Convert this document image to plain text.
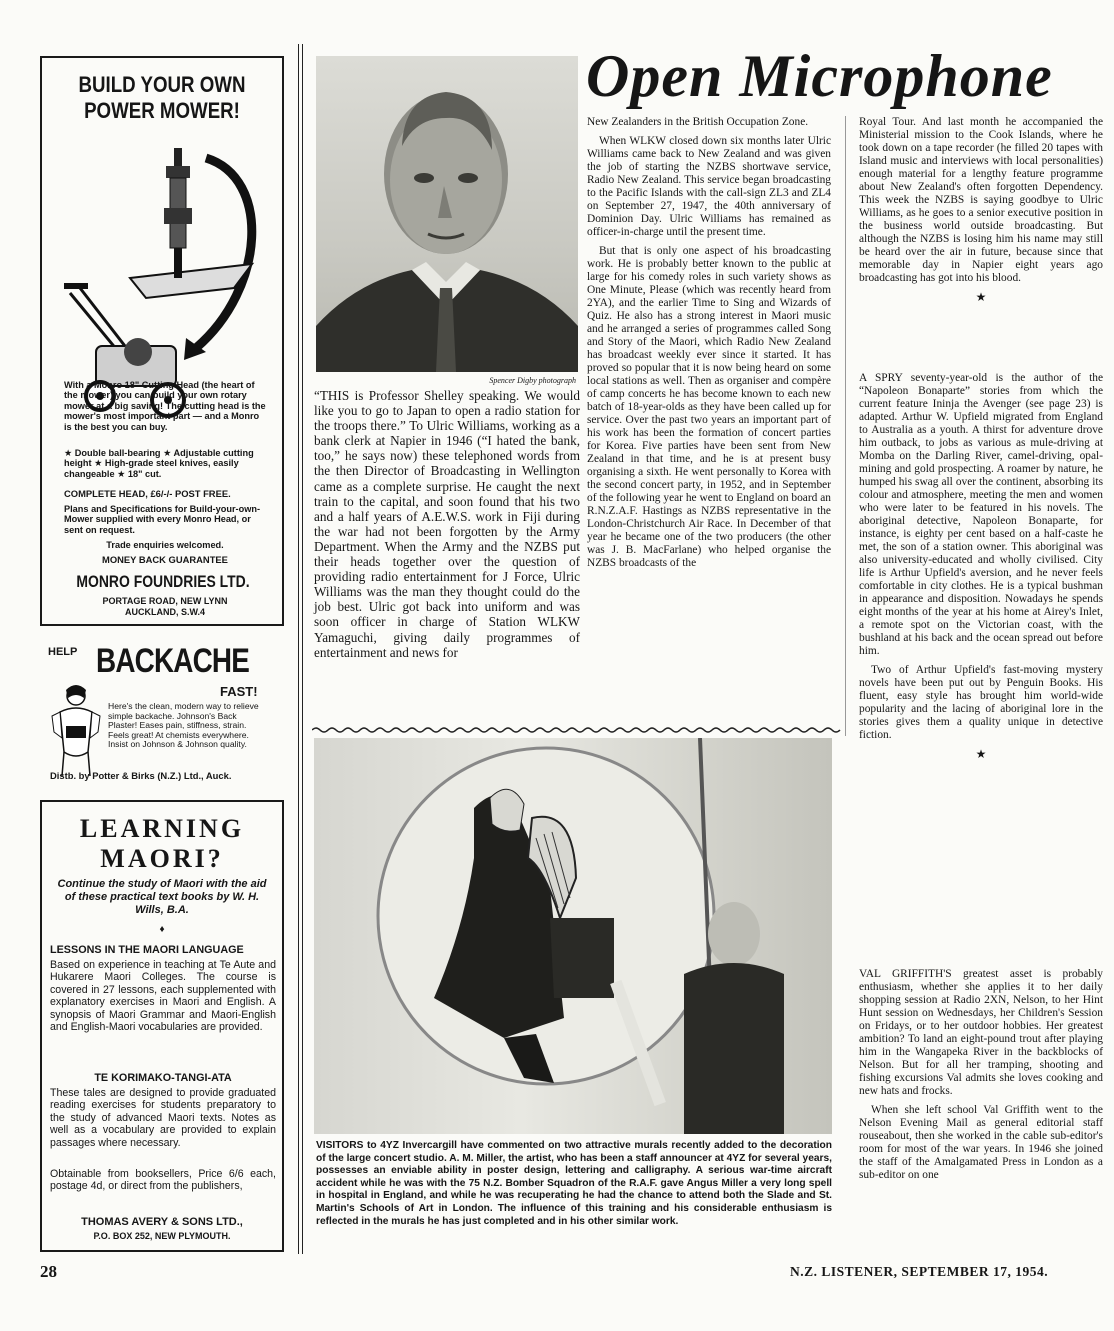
BUILD YOUR OWN POWER MOWER!
With a Monro 18" Cutting Head (the heart of the mower) you can build your own rotary mower at a big saving! The cutting head is the mower's most important part — and a Monro is the best you can buy.
★ Double ball-bearing ★ Adjustable cutting height ★ High-grade steel knives, easily changeable ★ 18" cut.
COMPLETE HEAD, £6/-/- POST FREE.
Plans and Specifications for Build-your-own-Mower supplied with every Monro Head, or sent on request.
Trade enquiries welcomed.
MONEY BACK GUARANTEE
MONRO FOUNDRIES LTD.
PORTAGE ROAD, NEW LYNN
AUCKLAND, S.W.4
HELP BACKACHE
FAST!
Here's the clean, modern way to relieve simple backache. Johnson's Back Plaster! Eases pain, stiffness, strain. Feels great! At chemists everywhere. Insist on Johnson & Johnson quality.
Distb. by Potter & Birks (N.Z.) Ltd., Auck.
LEARNING
MAORI?
Continue the study of Maori with the aid of these practical text books by W. H. Wills, B.A.
♦
LESSONS IN THE MAORI LANGUAGE
Based on experience in teaching at Te Aute and Hukarere Maori Colleges. The course is covered in 27 lessons, each supplemented with explanatory exercises in Maori and English. A synopsis of Maori Grammar and Maori-English and English-Maori vocabularies are provided.
TE KORIMAKO-TANGI-ATA
These tales are designed to provide graduated reading exercises for students preparatory to the study of advanced Maori texts. Notes as well as a vocabulary are provided to explain passages where necessary.
Obtainable from booksellers, Price 6/6 each, postage 4d, or direct from the publishers,
THOMAS AVERY & SONS LTD.,
P.O. BOX 252, NEW PLYMOUTH.
Open Microphone
Spencer Digby photograph
“THIS is Professor Shelley speaking. We would like you to go to Japan to open a radio station for the troops there.” To Ulric Williams, working as a bank clerk at Napier in 1946 (“I hated the bank, too,” he says now) these telephoned words from the then Director of Broadcasting in Wellington came as a complete surprise. He caught the next train to the capital, and soon found that his two and a half years of A.E.W.S. work in Fiji during the war had not been forgotten by the Army Department. When the Army and the NZBS put their heads together over the question of providing radio entertainment for J Force, Ulric Williams was the man they thought could do the job best. Ulric got back into uniform and was soon officer in charge of Station WLKW Yamaguchi, giving daily programmes of entertainment and news for

New Zealanders in the British Occupation Zone.

When WLKW closed down six months later Ulric Williams came back to New Zealand and was given the job of starting the NZBS shortwave service, Radio New Zealand. This service began broadcasting to the Pacific Islands with the call-sign ZL3 and ZL4 on September 27, 1947, the 40th anniversary of Dominion Day. Ulric Williams has remained as officer-in-charge until the present time.

But that is only one aspect of his broadcasting work. He is probably better known to the public at large for his comedy roles in such variety shows as One Minute, Please (which was recently heard from 2YA), and the earlier Time to Sing and Wizards of Quiz. He also has a strong interest in Maori music and he arranged a series of programmes called Song and Story of the Maori, which Radio New Zealand has broadcast weekly ever since it started. It has proved so popular that it is now being heard on some local stations as well. Then as organiser and compère of camp concerts he has become known to each new batch of 18-year-olds as they have been called up for service. Over the past two years an important part of his work has been the formation of concert parties for Korea. Five parties have been sent from New Zealand in that time, and he is at present busy organising a sixth. He went personally to Korea with the second concert party, in 1952, and in September of the following year he went to England on board an R.N.Z.A.F. Hastings as NZBS representative in the London-Christchurch Air Race. In December of that year he became one of the two producers (the other was J. B. MacFarlane) who helped organise the NZBS broadcasts of the

Royal Tour. And last month he accompanied the Ministerial mission to the Cook Islands, where he took down on a tape recorder (he filled 20 tapes with Island music and interviews with local personalities) enough material for a lengthy feature programme about New Zealand's often forgotten Dependency. This week the NZBS is saying goodbye to Ulric Williams, as he goes to a senior executive position in the business world outside broadcasting. But although the NZBS is losing him his name may still be heard over the air in future, because since that memorable day in Napier eight years ago broadcasting has got into his blood.

★

A SPRY seventy-year-old is the author of the “Napoleon Bonaparte” stories from which the current feature Ininja the Avenger (see page 23) is adapted. Arthur W. Upfield migrated from England to Australia as a youth. A thirst for adventure drove him outback, to jobs as various as mule-driving at Momba on the Darling River, camel-driving, opal-mining and gold prospecting. A roamer by nature, he humped his swag all over the continent, absorbing its colour and atmosphere, meeting the men and women who were later to be featured in his novels. The aboriginal detective, Napoleon Bonaparte, for instance, is eighty per cent based on a half-caste he met, the son of a station owner. This aboriginal was also university-educated and wholly civilised. City life is Arthur Upfield's aversion, and he never feels comfortable in city clothes. He is a typical bushman in appearance and disposition. Nowadays he spends eight months of the year at his home at Airey's Inlet, a remote spot on the Victorian coast, with the bushland at his back and the ocean spread out before him.

Two of Arthur Upfield's fast-moving mystery novels have been put out by Penguin Books. His fluent, easy style has brought him world-wide popularity and the lacing of aboriginal lore in the stories gives them a quality unique in detective fiction.

★

VAL GRIFFITH'S greatest asset is probably enthusiasm, whether she applies it to her daily shopping session at Radio 2XN, Nelson, to her Hint Hunt session on Wednesdays, her Children's Session on Fridays, or to her outdoor hobbies. Her greatest ambition? To land an eight-pound trout after playing him in the Wangapeka River in the backblocks of Nelson. But for all her tramping, shooting and fishing excursions Val admits she loves cooking and new hats and frocks.

When she left school Val Griffith went to the Nelson Evening Mail as general editorial staff rouseabout, then she worked in the cable sub-editor's room for most of the war years. In 1946 she joined the staff of the Amalgamated Press in London as a sub-editor on one

VISITORS to 4YZ Invercargill have commented on two attractive murals recently added to the decoration of the large concert studio. A. M. Miller, the artist, who has been a staff announcer at 4YZ for several years, possesses an enviable ability in poster design, lettering and calligraphy. A serious war-time aircraft accident while he was with the 75 N.Z. Bomber Squadron of the R.A.F. gave Angus Miller a very long spell in hospital in England, and while he was recuperating he had the chance to attend both the Slade and St. Martin's Schools of Art in London. The influence of this training and his considerable enthusiasm is reflected in the murals he has just completed and in his other similar work.
28	N.Z. LISTENER, SEPTEMBER 17, 1954.
